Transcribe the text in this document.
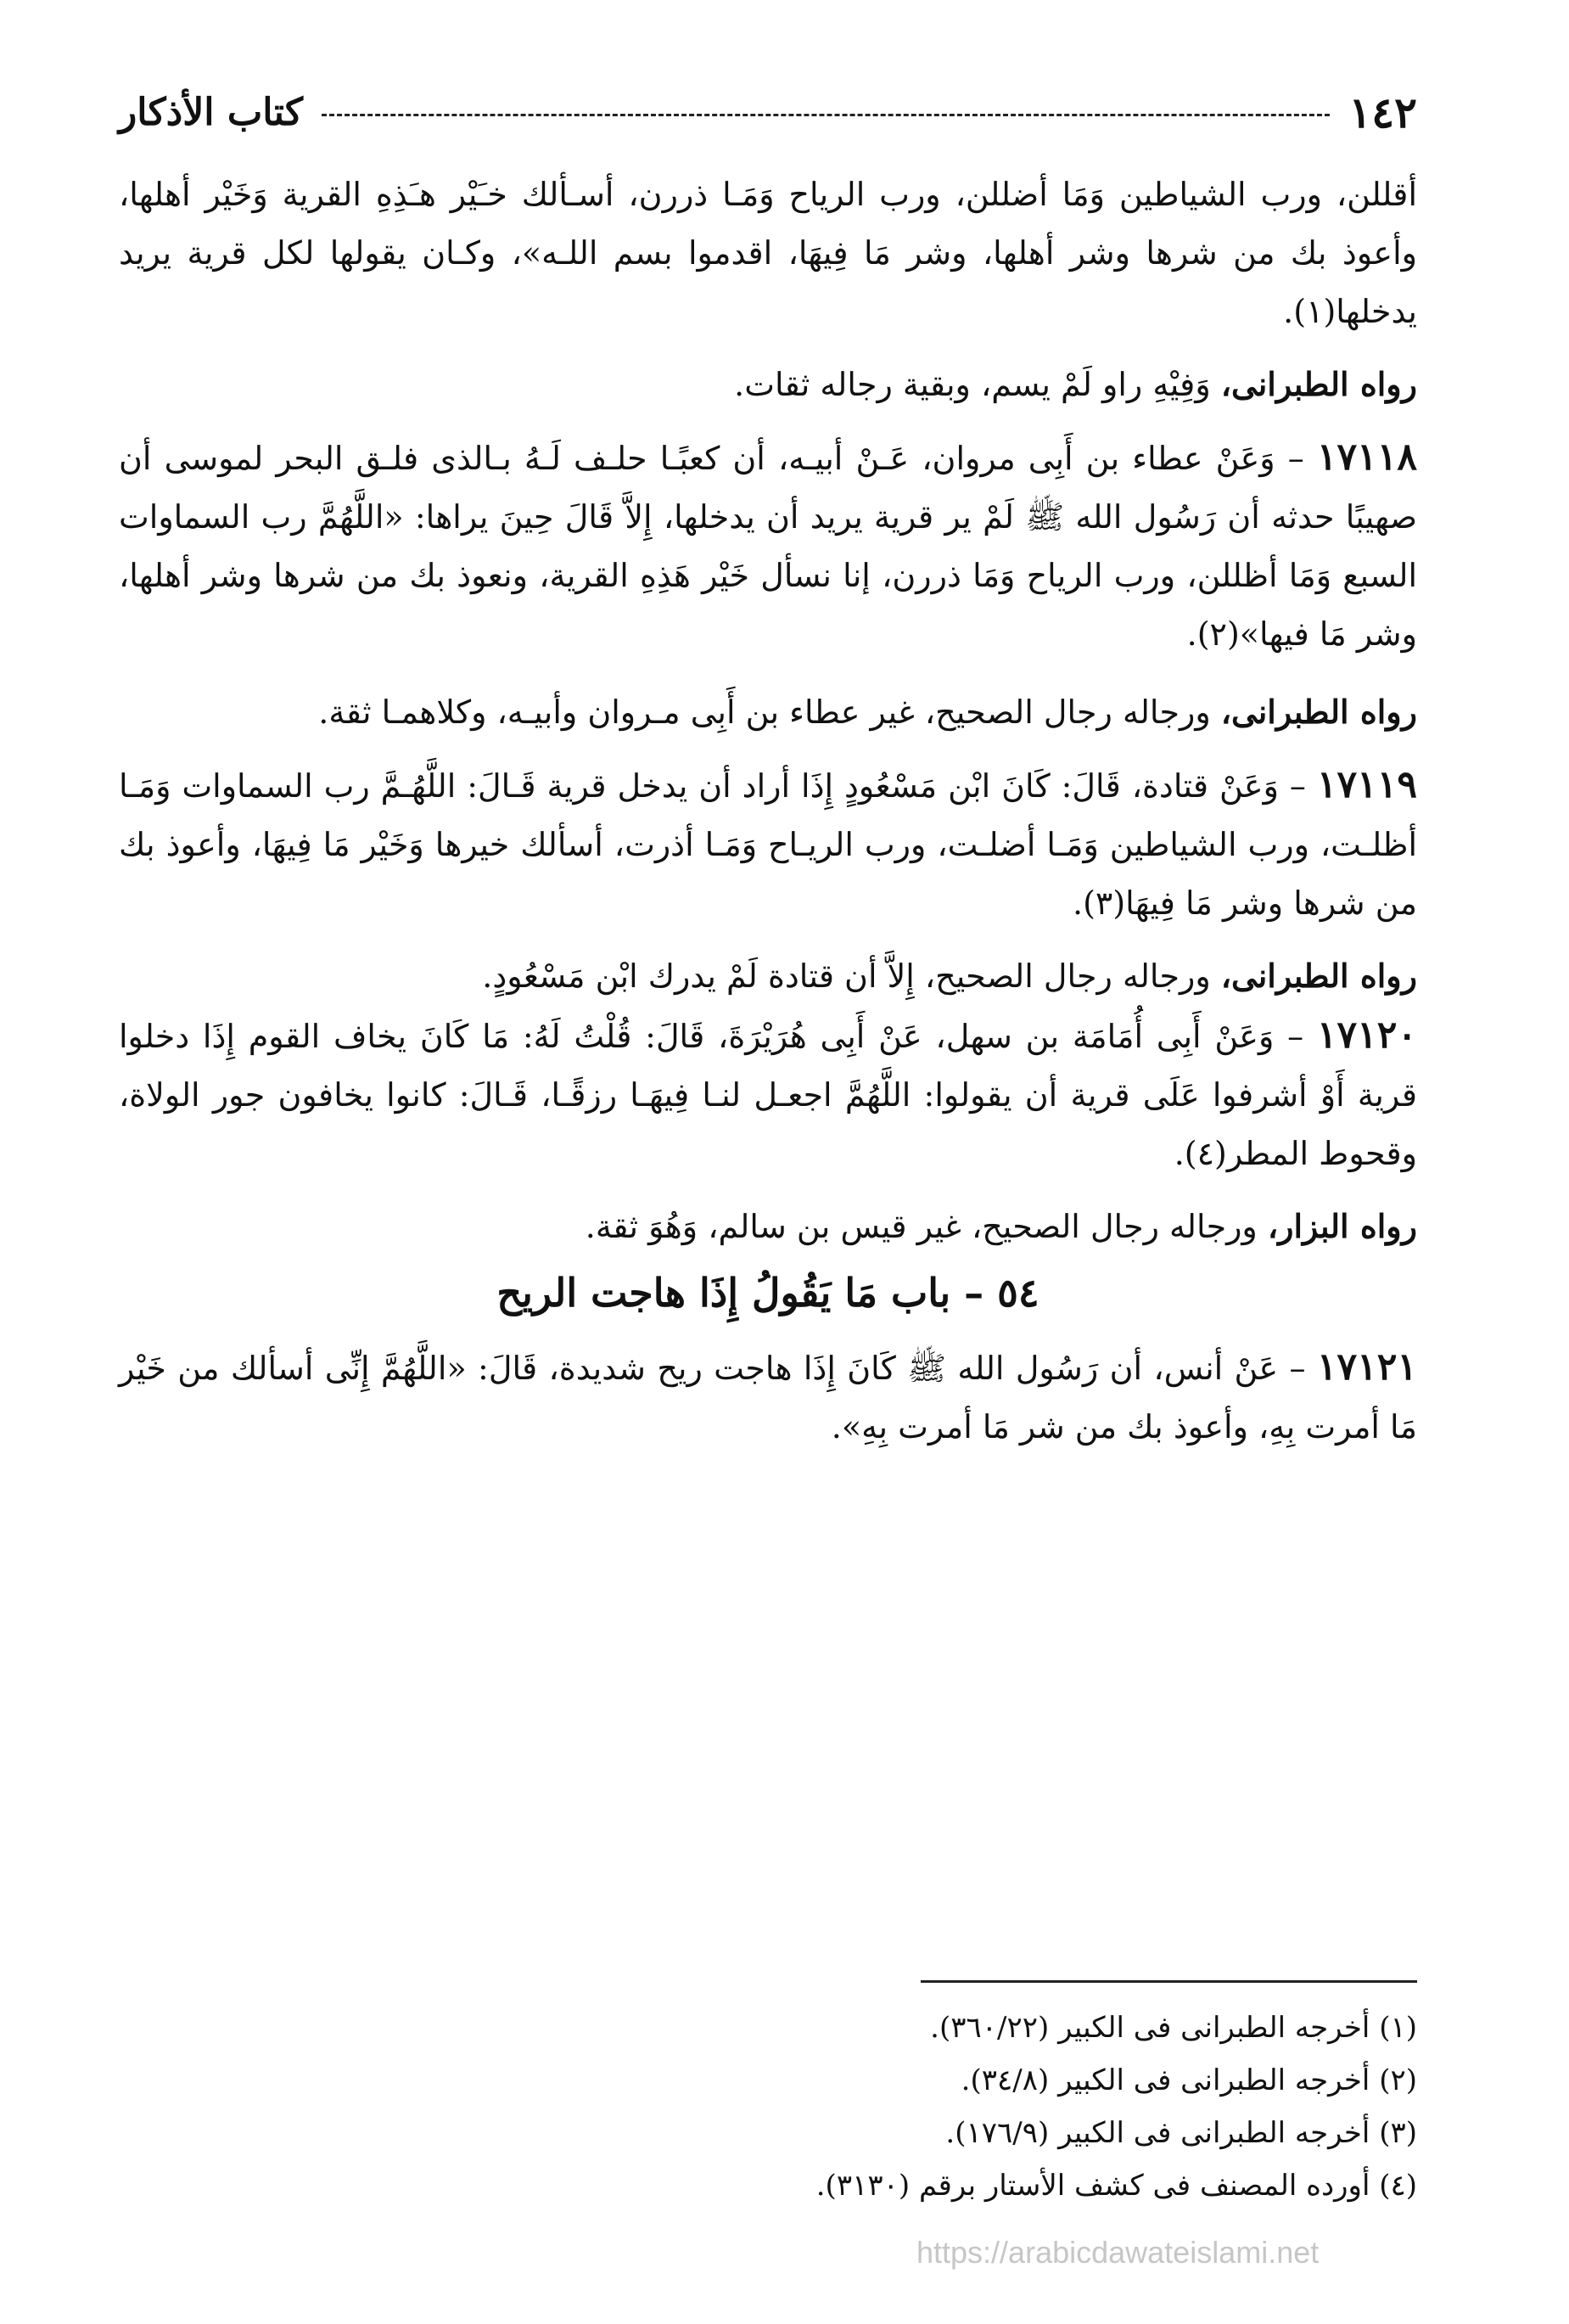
١٤٢
كتاب الأذكار

أقللن، ورب الشياطين وَمَا أضللن، ورب الرياح وَمَـا ذررن، أسـألك خـَيْر هـَذِهِ القرية وَخَيْر أهلها، وأعوذ بك من شرها وشر أهلها، وشر مَا فِيهَا، اقدموا بسم اللـه»، وكـان يقولها لكل قرية يريد يدخلها(١).

رواه الطبرانى، وَفِيْهِ راو لَمْ يسم، وبقية رجاله ثقات.

١٧١١٨ – وَعَنْ عطاء بن أَبِى مروان، عَـنْ أبيـه، أن كعبًـا حلـف لَـهُ بـالذى فلـق البحر لموسى أن صهيبًا حدثه أن رَسُول الله ﷺ لَمْ ير قرية يريد أن يدخلها، إِلاَّ قَالَ حِينَ يراها: «اللَّهُمَّ رب السماوات السبع وَمَا أظللن، ورب الرياح وَمَا ذررن، إنا نسأل خَيْر هَذِهِ القرية، ونعوذ بك من شرها وشر أهلها، وشر مَا فيها»(٢).

رواه الطبرانى، ورجاله رجال الصحيح، غير عطاء بن أَبِى مـروان وأبيـه، وكلاهمـا ثقة.

١٧١١٩ – وَعَنْ قتادة، قَالَ: كَانَ ابْن مَسْعُودٍ إِذَا أراد أن يدخل قرية قَـالَ: اللَّهُـمَّ رب السماوات وَمَـا أظلـت، ورب الشياطين وَمَـا أضلـت، ورب الريـاح وَمَـا أذرت، أسألك خيرها وَخَيْر مَا فِيهَا، وأعوذ بك من شرها وشر مَا فِيهَا(٣).

رواه الطبرانى، ورجاله رجال الصحيح، إِلاَّ أن قتادة لَمْ يدرك ابْن مَسْعُودٍ.

١٧١٢٠ – وَعَنْ أَبِى أُمَامَة بن سهل، عَنْ أَبِى هُرَيْرَةَ، قَالَ: قُلْتُ لَهُ: مَا كَانَ يخاف القوم إِذَا دخلوا قرية أَوْ أشرفوا عَلَى قرية أن يقولوا: اللَّهُمَّ اجعـل لنـا فِيهَـا رزقًـا، قَـالَ: كانوا يخافون جور الولاة، وقحوط المطر(٤).

رواه البزار، ورجاله رجال الصحيح، غير قيس بن سالم، وَهُوَ ثقة.

٥٤ – باب مَا يَقُولُ إِذَا هاجت الريح

١٧١٢١ – عَنْ أنس، أن رَسُول الله ﷺ كَانَ إِذَا هاجت ريح شديدة، قَالَ: «اللَّهُمَّ إِنِّى أسألك من خَيْر مَا أمرت بِهِ، وأعوذ بك من شر مَا أمرت بِهِ».

(١) أخرجه الطبرانى فى الكبير (٣٦٠/٢٢).

(٢) أخرجه الطبرانى فى الكبير (٣٤/٨).

(٣) أخرجه الطبرانى فى الكبير (١٧٦/٩).

(٤) أورده المصنف فى كشف الأستار برقم (٣١٣٠).

https://arabicdawateislami.net
